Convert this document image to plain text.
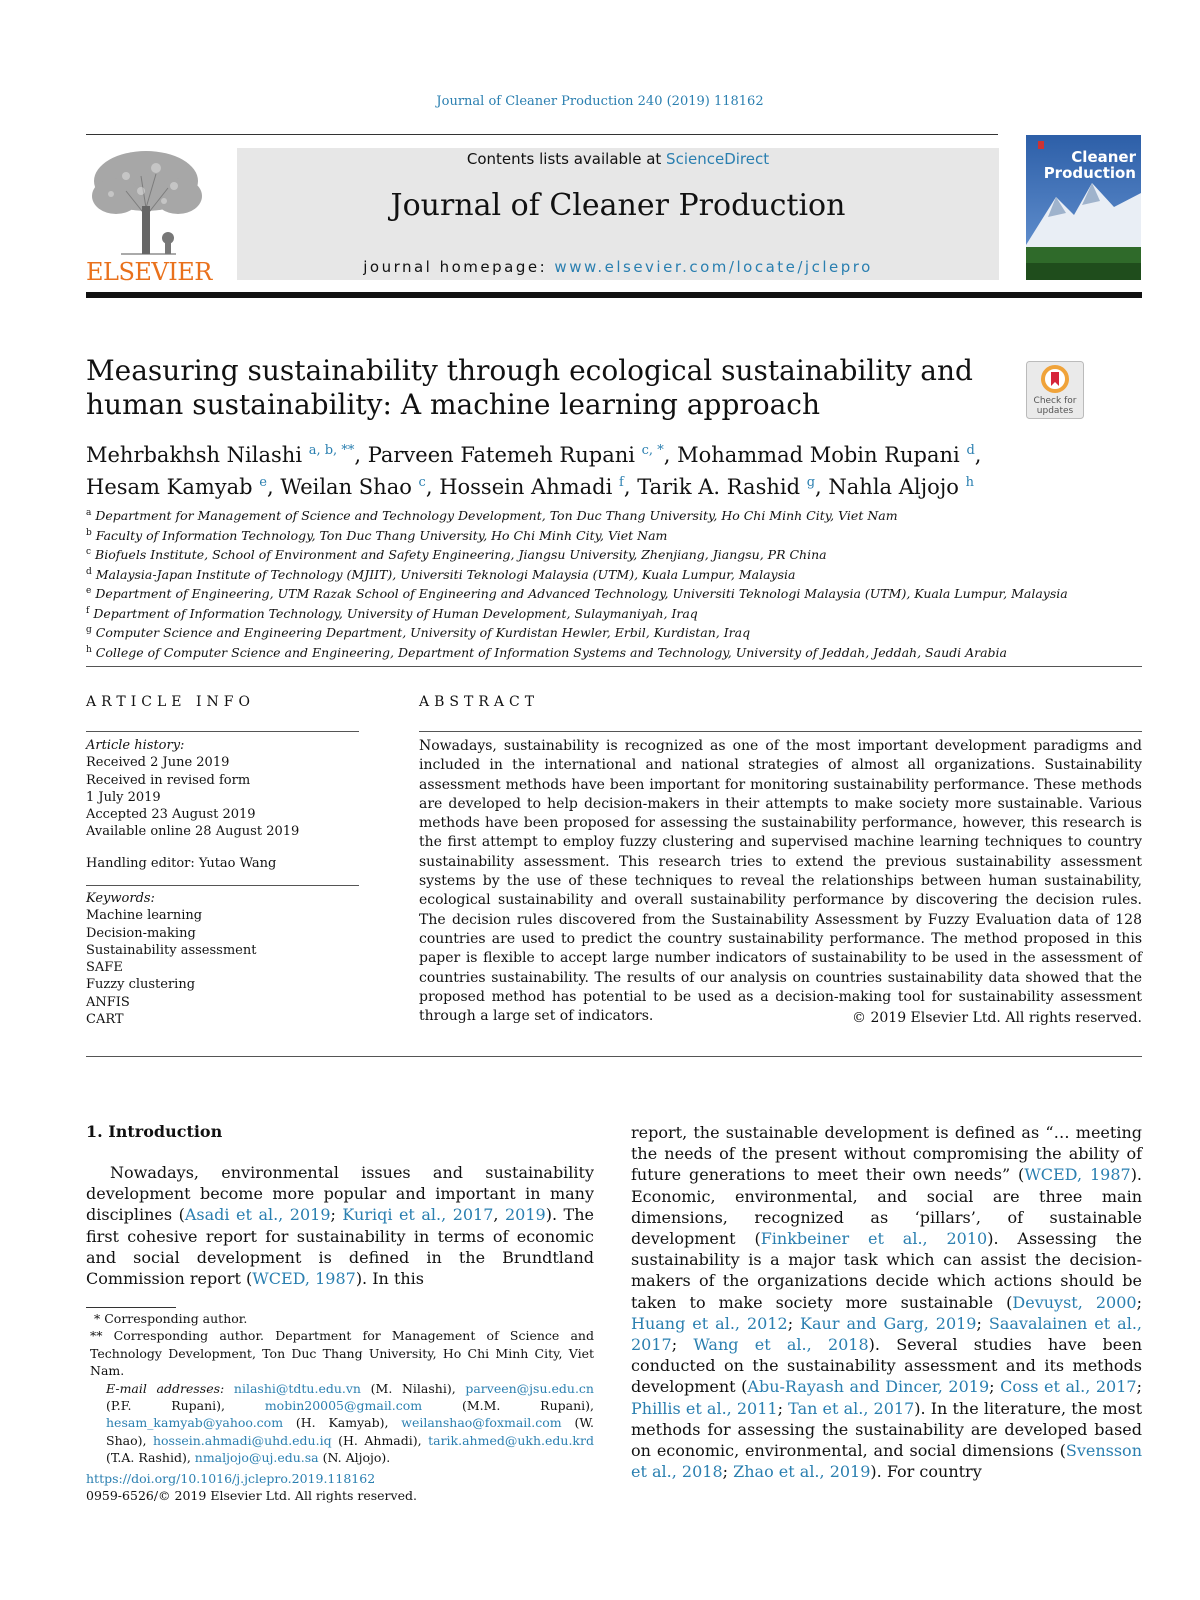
Journal of Cleaner Production 240 (2019) 118162
ELSEVIER
Contents lists available at ScienceDirect
Journal of Cleaner Production
journal homepage: www.elsevier.com/locate/jclepro
Cleaner
Production
Measuring sustainability through ecological sustainability and human sustainability: A machine learning approach	Check for
updates
Mehrbakhsh Nilashi $^{a, b, **}$, Parveen Fatemeh Rupani $^{c, *}$, Mohammad Mobin Rupani $^d$,
Hesam Kamyab $^e$, Weilan Shao $^c$, Hossein Ahmadi $^f$, Tarik A. Rashid $^g$, Nahla Aljojo $^h$
$^a$ Department for Management of Science and Technology Development, Ton Duc Thang University, Ho Chi Minh City, Viet Nam
$^b$ Faculty of Information Technology, Ton Duc Thang University, Ho Chi Minh City, Viet Nam
$^c$ Biofuels Institute, School of Environment and Safety Engineering, Jiangsu University, Zhenjiang, Jiangsu, PR China
$^d$ Malaysia-Japan Institute of Technology (MJIIT), Universiti Teknologi Malaysia (UTM), Kuala Lumpur, Malaysia
$^e$ Department of Engineering, UTM Razak School of Engineering and Advanced Technology, Universiti Teknologi Malaysia (UTM), Kuala Lumpur, Malaysia
$^f$ Department of Information Technology, University of Human Development, Sulaymaniyah, Iraq
$^g$ Computer Science and Engineering Department, University of Kurdistan Hewler, Erbil, Kurdistan, Iraq
$^h$ College of Computer Science and Engineering, Department of Information Systems and Technology, University of Jeddah, Jeddah, Saudi Arabia
ARTICLE INFO	ABSTRACT
Article history:
Received 2 June 2019
Received in revised form
1 July 2019
Accepted 23 August 2019
Available online 28 August 2019
Handling editor: Yutao Wang
Keywords:
Machine learning
Decision-making
Sustainability assessment
SAFE
Fuzzy clustering
ANFIS
CART
Nowadays, sustainability is recognized as one of the most important development paradigms and included in the international and national strategies of almost all organizations. Sustainability assessment methods have been important for monitoring sustainability performance. These methods are developed to help decision-makers in their attempts to make society more sustainable. Various methods have been proposed for assessing the sustainability performance, however, this research is the first attempt to employ fuzzy clustering and supervised machine learning techniques to country sustainability assessment. This research tries to extend the previous sustainability assessment systems by the use of these techniques to reveal the relationships between human sustainability, ecological sustainability and overall sustainability performance by discovering the decision rules. The decision rules discovered from the Sustainability Assessment by Fuzzy Evaluation data of 128 countries are used to predict the country sustainability performance. The method proposed in this paper is flexible to accept large number indicators of sustainability to be used in the assessment of countries sustainability. The results of our analysis on countries sustainability data showed that the proposed method has potential to be used as a decision-making tool for sustainability assessment through a large set of indicators.	© 2019 Elsevier Ltd. All rights reserved.
1. Introduction
Nowadays, environmental issues and sustainability development become more popular and important in many disciplines (Asadi et al., 2019; Kuriqi et al., 2017, 2019). The first cohesive report for sustainability in terms of economic and social development is defined in the Brundtland Commission report (WCED, 1987). In this
report, the sustainable development is defined as “… meeting the needs of the present without compromising the ability of future generations to meet their own needs” (WCED, 1987). Economic, environmental, and social are three main dimensions, recognized as ‘pillars’, of sustainable development (Finkbeiner et al., 2010). Assessing the sustainability is a major task which can assist the decision-makers of the organizations decide which actions should be taken to make society more sustainable (Devuyst, 2000; Huang et al., 2012; Kaur and Garg, 2019; Saavalainen et al., 2017; Wang et al., 2018). Several studies have been conducted on the sustainability assessment and its methods development (Abu-Rayash and Dincer, 2019; Coss et al., 2017; Phillis et al., 2011; Tan et al., 2017). In the literature, the most methods for assessing the sustainability are developed based on economic, environmental, and social dimensions (Svensson et al., 2018; Zhao et al., 2019). For country
* Corresponding author.
** Corresponding author. Department for Management of Science and Technology Development, Ton Duc Thang University, Ho Chi Minh City, Viet Nam.
E-mail addresses: nilashi@tdtu.edu.vn (M. Nilashi), parveen@jsu.edu.cn (P.F. Rupani), mobin20005@gmail.com	(M.M. Rupani), hesam_kamyab@yahoo.com (H. Kamyab), weilanshao@foxmail.com (W. Shao), hossein.ahmadi@uhd.edu.iq (H. Ahmadi), tarik.ahmed@ukh.edu.krd (T.A. Rashid), nmaljojo@uj.edu.sa (N. Aljojo).
https://doi.org/10.1016/j.jclepro.2019.118162
0959-6526/© 2019 Elsevier Ltd. All rights reserved.
